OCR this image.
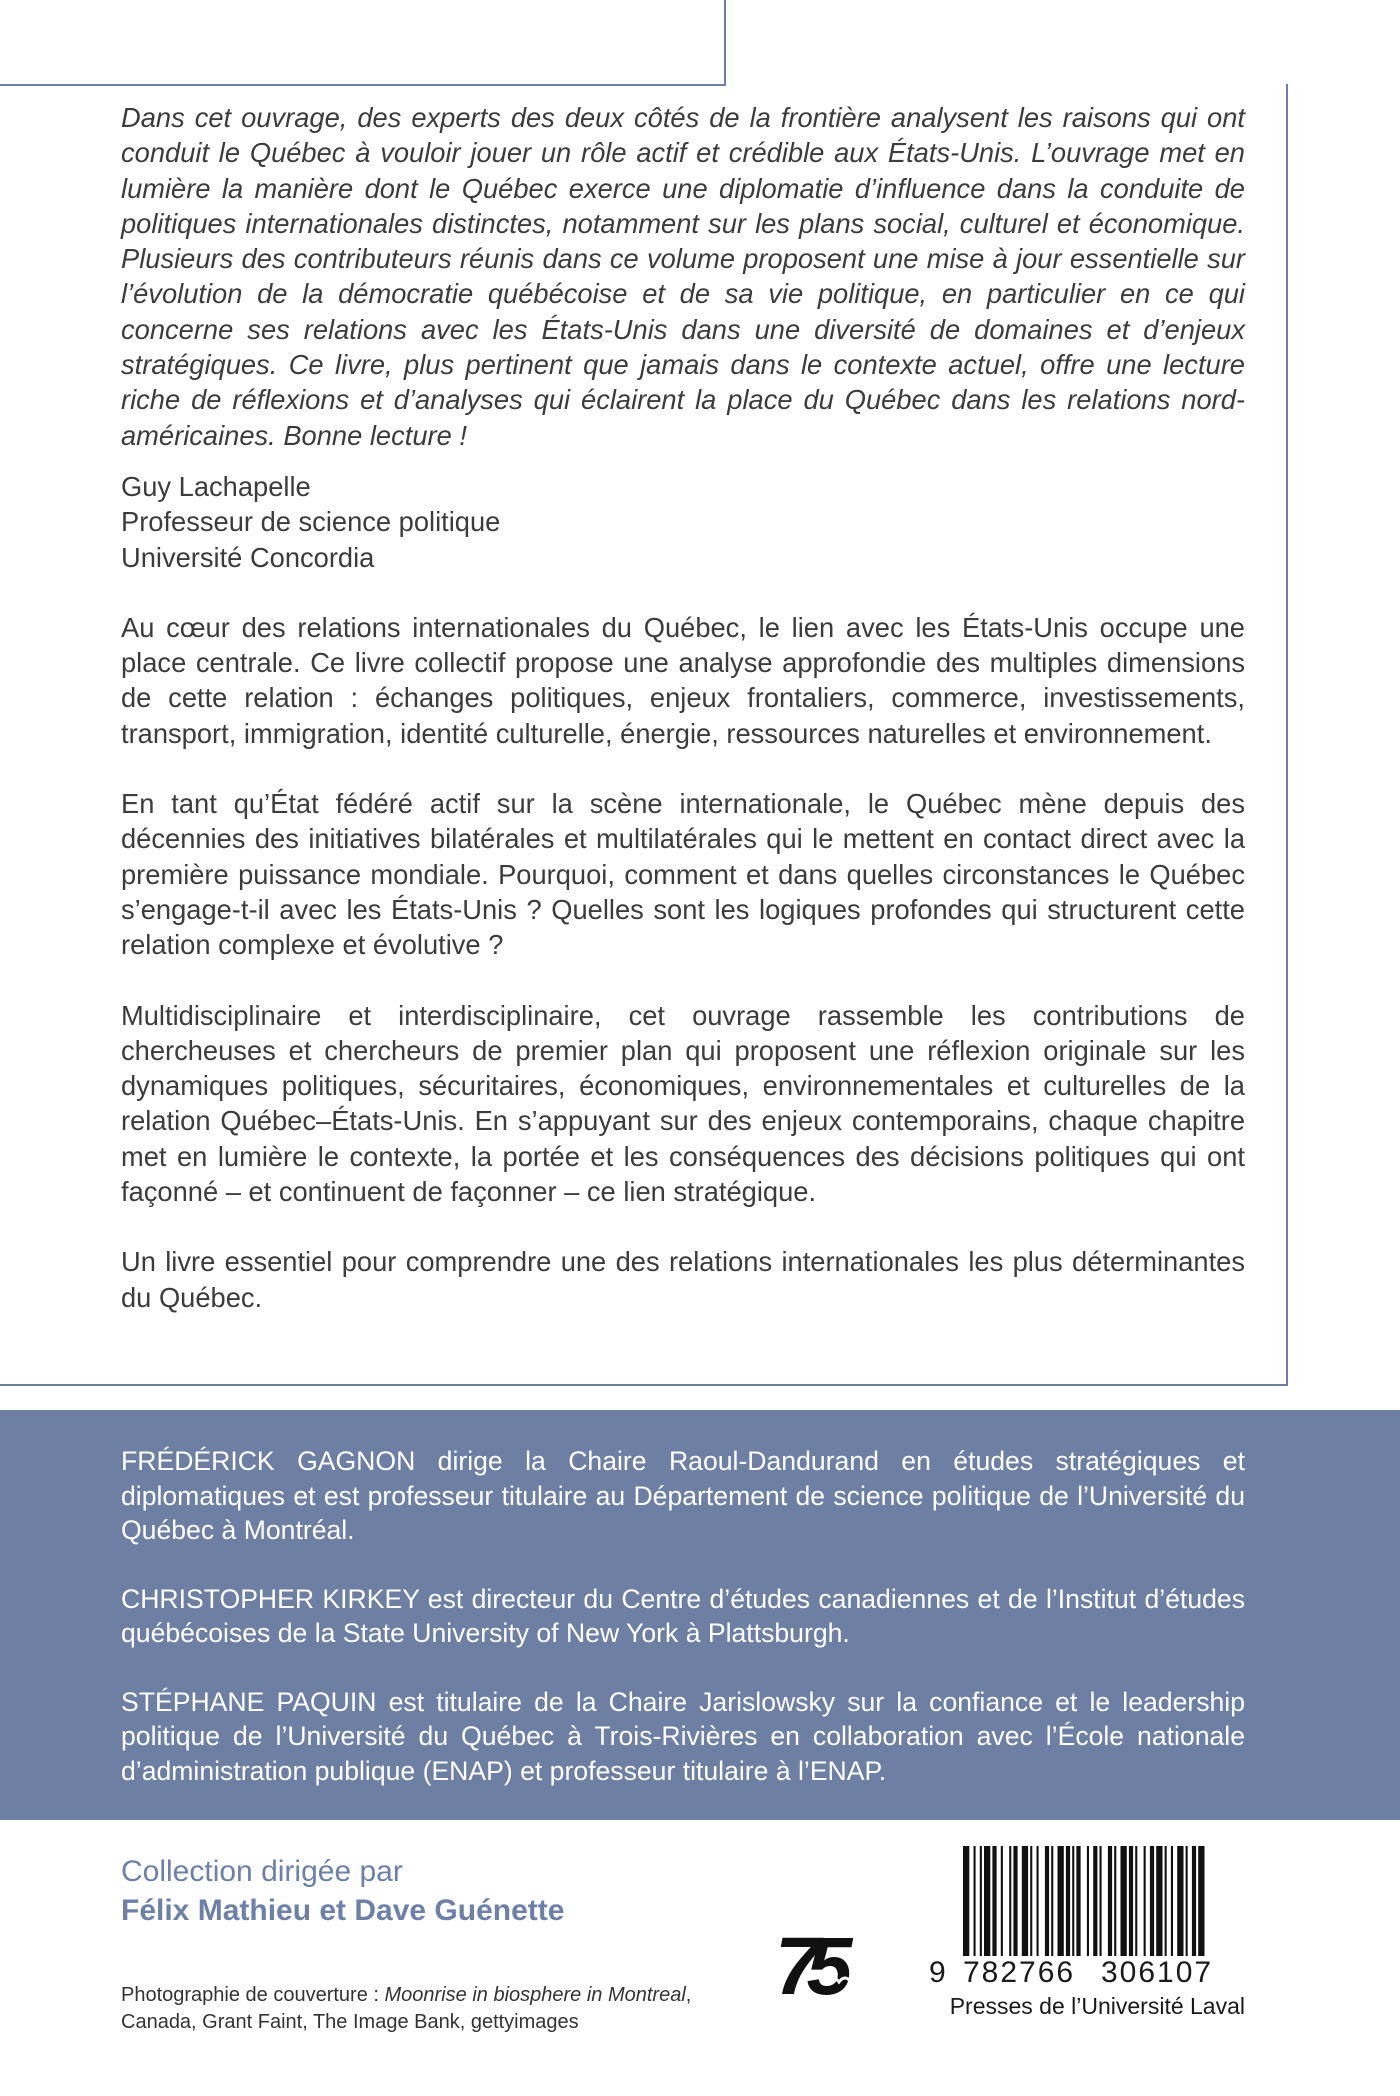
Dans cet ouvrage, des experts des deux côtés de la frontière analysent les raisons qui ont conduit le Québec à vouloir jouer un rôle actif et crédible aux États-Unis. L’ouvrage met en lumière la manière dont le Québec exerce une diplomatie d’influence dans la conduite de politiques internationales distinctes, notamment sur les plans social, culturel et économique. Plusieurs des contributeurs réunis dans ce volume proposent une mise à jour essentielle sur l’évolution de la démocratie québécoise et de sa vie politique, en particulier en ce qui concerne ses relations avec les États-Unis dans une diversité de domaines et d’enjeux stratégiques. Ce livre, plus pertinent que jamais dans le contexte actuel, offre une lecture riche de réflexions et d’analyses qui éclairent la place du Québec dans les relations nord-américaines. Bonne lecture !

Guy Lachapelle
Professeur de science politique
Université Concordia

Au cœur des relations internationales du Québec, le lien avec les États-Unis occupe une place centrale. Ce livre collectif propose une analyse approfondie des multiples dimensions de cette relation : échanges politiques, enjeux frontaliers, commerce, investissements, transport, immigration, identité culturelle, énergie, ressources naturelles et environnement.

En tant qu’État fédéré actif sur la scène internationale, le Québec mène depuis des décennies des initiatives bilatérales et multilatérales qui le mettent en contact direct avec la première puissance mondiale. Pourquoi, comment et dans quelles circonstances le Québec s’engage-t-il avec les États-Unis ? Quelles sont les logiques profondes qui structurent cette relation complexe et évolutive ?

Multidisciplinaire et interdisciplinaire, cet ouvrage rassemble les contributions de chercheuses et chercheurs de premier plan qui proposent une réflexion originale sur les dynamiques politiques, sécuritaires, économiques, environnementales et culturelles de la relation Québec–États-Unis. En s’appuyant sur des enjeux contemporains, chaque chapitre met en lumière le contexte, la portée et les conséquences des décisions politiques qui ont façonné – et continuent de façonner – ce lien stratégique.

Un livre essentiel pour comprendre une des relations internationales les plus déterminantes du Québec.

FRÉDÉRICK GAGNON dirige la Chaire Raoul-Dandurand en études stratégiques et diplomatiques et est professeur titulaire au Département de science politique de l’Université du Québec à Montréal.

CHRISTOPHER KIRKEY est directeur du Centre d’études canadiennes et de l’Institut d’études québécoises de la State University of New York à Plattsburgh.

STÉPHANE PAQUIN est titulaire de la Chaire Jarislowsky sur la confiance et le leadership politique de l’Université du Québec à Trois-Rivières en collaboration avec l’École nationale d’administration publique (ENAP) et professeur titulaire à l’ENAP.

Collection dirigée par
Félix Mathieu et Dave Guénette
Photographie de couverture : Moonrise in biosphere in Montreal, Canada, Grant Faint, The Image Bank, gettyimages
75	9 782766 306107
Presses de l’Université Laval
